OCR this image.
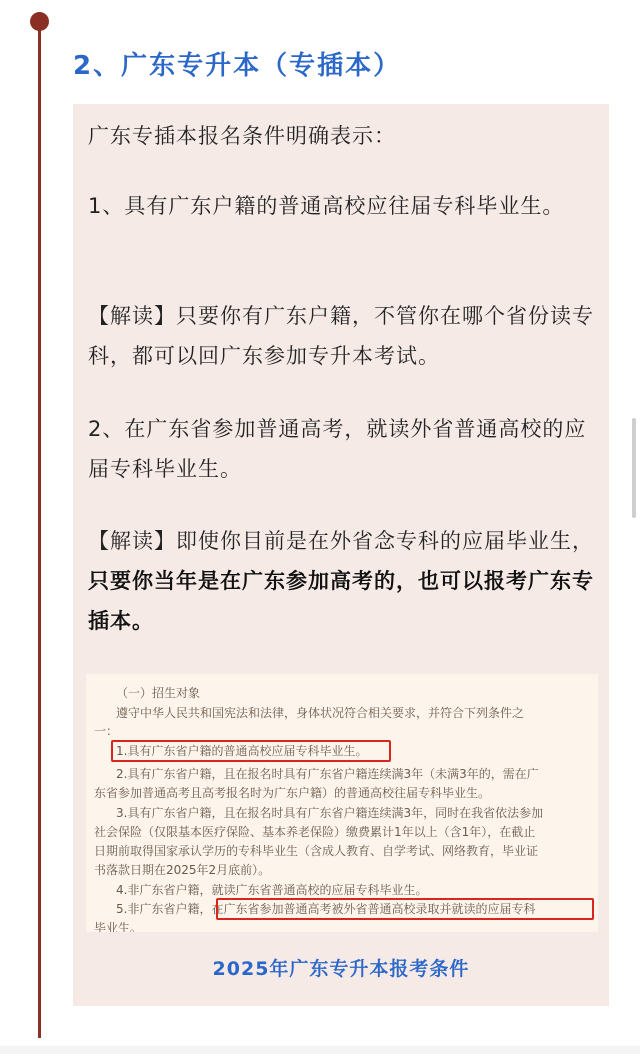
2、广东专升本（专插本）

广东专插本报名条件明确表示：

1、具有广东户籍的普通高校应往届专科毕业生。

【解读】只要你有广东户籍，不管你在哪个省份读专科，都可以回广东参加专升本考试。

2、在广东省参加普通高考，就读外省普通高校的应届专科毕业生。

【解读】即使你目前是在外省念专科的应届毕业生，只要你当年是在广东参加高考的，也可以报考广东专插本。

（一）招生对象
遵守中华人民共和国宪法和法律，身体状况符合相关要求，并符合下列条件之
一：
1.具有广东省户籍的普通高校应届专科毕业生。
2.具有广东省户籍，且在报名时具有广东省户籍连续满3年（未满3年的，需在广
东省参加普通高考且高考报名时为广东户籍）的普通高校往届专科毕业生。
3.具有广东省户籍，且在报名时具有广东省户籍连续满3年，同时在我省依法参加
社会保险（仅限基本医疗保险、基本养老保险）缴费累计1年以上（含1年），在截止
日期前取得国家承认学历的专科毕业生（含成人教育、自学考试、网络教育，毕业证
书落款日期在2025年2月底前）。
4.非广东省户籍，就读广东省普通高校的应届专科毕业生。
5.非广东省户籍，在广东省参加普通高考被外省普通高校录取并就读的应届专科
毕业生。

2025年广东专升本报考条件
